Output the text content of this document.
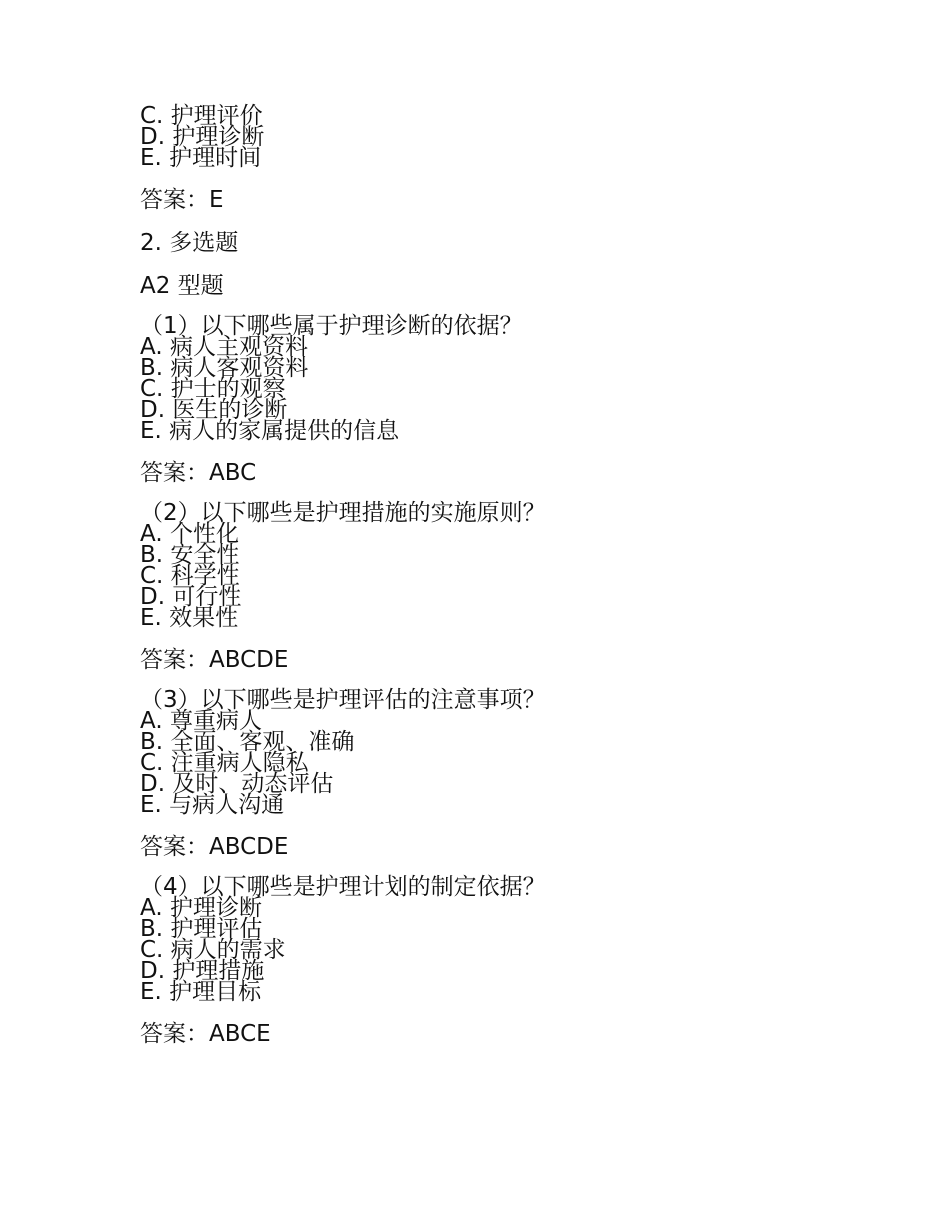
C. 护理评价
D. 护理诊断
E. 护理时间
答案：E
2. 多选题
A2 型题
（1）以下哪些属于护理诊断的依据？
A. 病人主观资料
B. 病人客观资料
C. 护士的观察
D. 医生的诊断
E. 病人的家属提供的信息
答案：ABC
（2）以下哪些是护理措施的实施原则？
A. 个性化
B. 安全性
C. 科学性
D. 可行性
E. 效果性
答案：ABCDE
（3）以下哪些是护理评估的注意事项？
A. 尊重病人
B. 全面、客观、准确
C. 注重病人隐私
D. 及时、动态评估
E. 与病人沟通
答案：ABCDE
（4）以下哪些是护理计划的制定依据？
A. 护理诊断
B. 护理评估
C. 病人的需求
D. 护理措施
E. 护理目标
答案：ABCE
